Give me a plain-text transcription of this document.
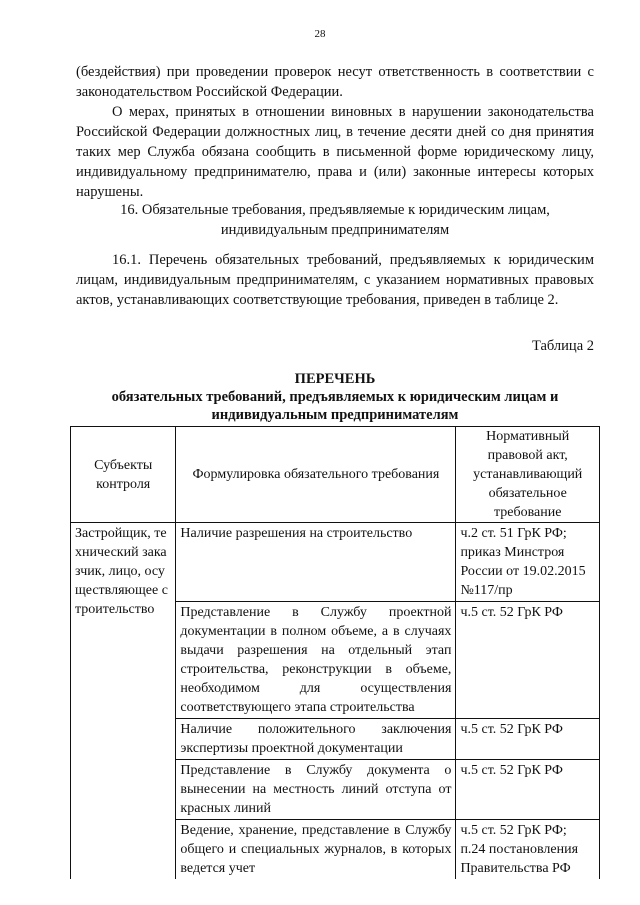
28
(бездействия) при проведении проверок несут ответственность в соответствии с законодательством Российской Федерации.
О мерах, принятых в отношении виновных в нарушении законодательства Российской Федерации должностных лиц, в течение десяти дней со дня принятия таких мер Служба обязана сообщить в письменной форме юридическому лицу, индивидуальному предпринимателю, права и (или) законные интересы которых нарушены.
16. Обязательные требования, предъявляемые к юридическим лицам, индивидуальным предпринимателям
16.1. Перечень обязательных требований, предъявляемых к юридическим лицам, индивидуальным предпринимателям, с указанием нормативных правовых актов, устанавливающих соответствующие требования, приведен в таблице 2.
Таблица 2
ПЕРЕЧЕНЬ
обязательных требований, предъявляемых к юридическим лицам и индивидуальным предпринимателям
Субъекты контроля	Формулировка обязательного требования	Нормативный правовой акт, устанавливающий обязательное требование
Застройщик, технический заказчик, лицо, осуществляющее строительство	Наличие разрешения на строительство	ч.2 ст. 51 ГрК РФ; приказ Минстроя России от 19.02.2015 №117/пр
	Представление в Службу проектной документации в полном объеме, а в случаях выдачи разрешения на отдельный этап строительства, реконструкции в объеме, необходимом для осуществления соответствующего этапа строительства	ч.5 ст. 52 ГрК РФ
	Наличие положительного заключения экспертизы проектной документации	ч.5 ст. 52 ГрК РФ
	Представление в Службу документа о вынесении на местность линий отступа от красных линий	ч.5 ст. 52 ГрК РФ
	Ведение, хранение, представление в Службу общего и специальных журналов, в которых ведется учет	ч.5 ст. 52 ГрК РФ; п.24 постановления Правительства РФ
